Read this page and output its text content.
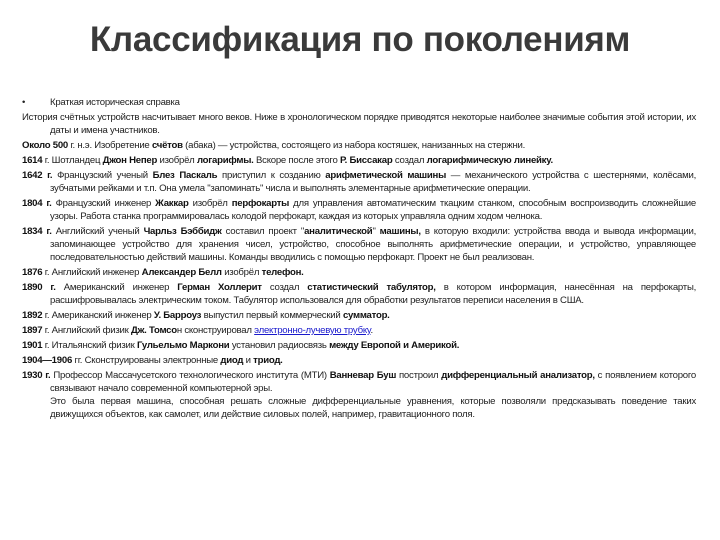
Классификация по поколениям
•	Краткая историческая справка
История счётных устройств насчитывает много веков. Ниже в хронологическом порядке приводятся некоторые наиболее значимые события этой истории, их даты и имена участников.
Около 500 г. н.э. Изобретение счётов (абака) — устройства, состоящего из набора костяшек, нанизанных на стержни.
1614 г. Шотландец Джон Непер изобрёл логарифмы. Вскоре после этого Р. Биссакар создал логарифмическую линейку.
1642 г. Французский ученый Блез Паскаль приступил к созданию арифметической машины — механического устройства с шестернями, колёсами, зубчатыми рейками и т.п. Она умела "запоминать" числа и выполнять элементарные арифметические операции.
1804 г. Французский инженер Жаккар изобрёл перфокарты для управления автоматическим ткацким станком, способным воспроизводить сложнейшие узоры. Работа станка программировалась колодой перфокарт, каждая из которых управляла одним ходом челнока.
1834 г. Английский ученый Чарльз Бэббидж составил проект "аналитической" машины, в которую входили: устройства ввода и вывода информации, запоминающее устройство для хранения чисел, устройство, способное выполнять арифметические операции, и устройство, управляющее последовательностью действий машины. Команды вводились с помощью перфокарт. Проект не был реализован.
1876 г. Английский инженер Александер Белл изобрёл телефон.
1890 г. Американский инженер Герман Холлерит создал статистический табулятор, в котором информация, нанесённая на перфокарты, расшифровывалась электрическим током. Табулятор использовался для обработки результатов переписи населения в США.
1892 г. Американский инженер У. Барроуз выпустил первый коммерческий сумматор.
1897 г. Английский физик Дж. Томсон сконструировал электронно-лучевую трубку.
1901 г. Итальянский физик Гульельмо Маркони установил радиосвязь между Европой и Америкой.
1904—1906 гг. Сконструированы электронные диод и триод.
1930 г. Профессор Массачусетского технологического института (МТИ) Ванневар Буш построил дифференциальный анализатор, с появлением которого связывают начало современной компьютерной эры.
Это была первая машина, способная решать сложные дифференциальные уравнения, которые позволяли предсказывать поведение таких движущихся объектов, как самолет, или действие силовых полей, например, гравитационного поля.
